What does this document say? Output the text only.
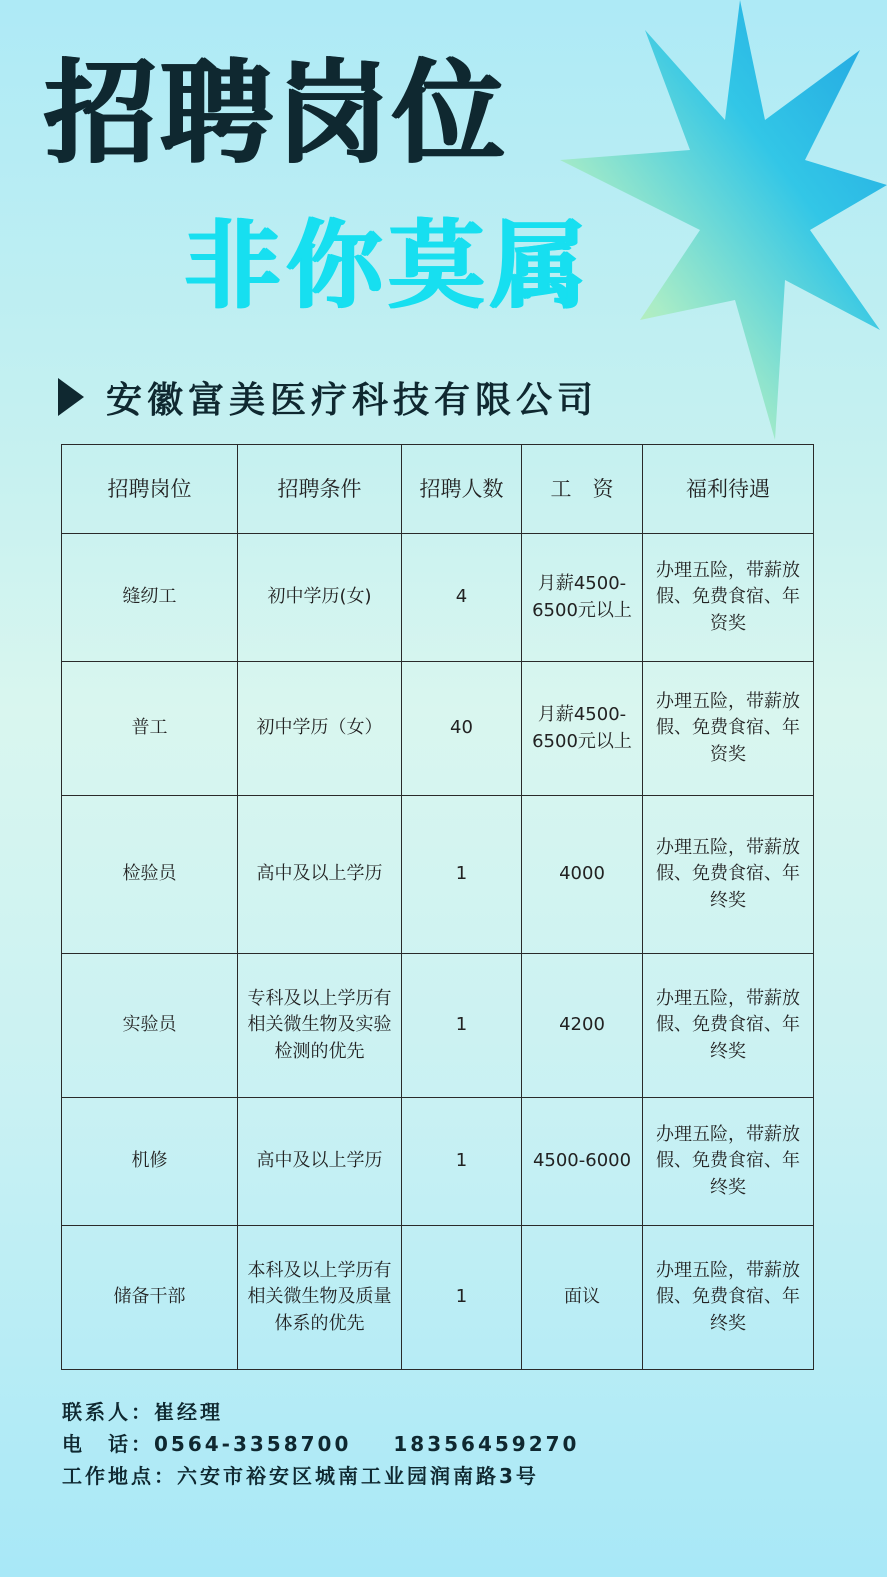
招聘岗位
非你莫属
安徽富美医疗科技有限公司
招聘岗位	招聘条件	招聘人数	工　资	福利待遇
缝纫工	初中学历(女)	4	月薪4500-6500元以上	办理五险，带薪放假、免费食宿、年资奖
普工	初中学历（女）	40	月薪4500-6500元以上	办理五险，带薪放假、免费食宿、年资奖
检验员	高中及以上学历	1	4000	办理五险，带薪放假、免费食宿、年终奖
实验员	专科及以上学历有相关微生物及实验检测的优先	1	4200	办理五险，带薪放假、免费食宿、年终奖
机修	高中及以上学历	1	4500-6000	办理五险，带薪放假、免费食宿、年终奖
储备干部	本科及以上学历有相关微生物及质量体系的优先	1	面议	办理五险，带薪放假、免费食宿、年终奖
联系人：崔经理
电　话：0564-3358700 18356459270
工作地点：六安市裕安区城南工业园润南路3号
